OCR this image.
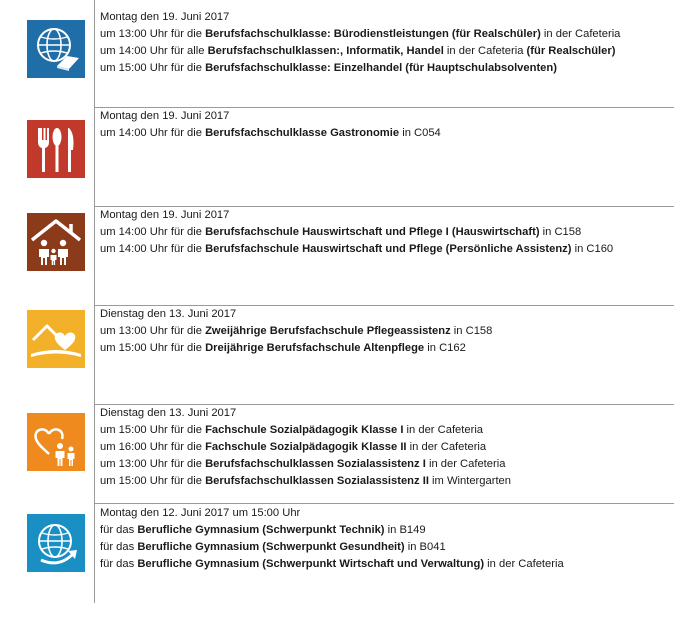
Montag den 19. Juni 2017
um 13:00 Uhr für die Berufsfachschulklasse: Bürodienstleistungen (für Realschüler) in der Cafeteria
um 14:00 Uhr für alle Berufsfachschulklassen:, Informatik, Handel in der Cafeteria (für Realschüler)
um 15:00 Uhr für die Berufsfachschulklasse: Einzelhandel (für Hauptschulabsolventen)
Montag den 19. Juni 2017
um 14:00 Uhr für die Berufsfachschulklasse Gastronomie in C054
Montag den 19. Juni 2017
um 14:00 Uhr für die Berufsfachschule Hauswirtschaft und Pflege I (Hauswirtschaft) in C158
um 14:00 Uhr für die Berufsfachschule Hauswirtschaft und Pflege (Persönliche Assistenz) in C160
Dienstag den 13. Juni 2017
um 13:00 Uhr für die Zweijährige Berufsfachschule Pflegeassistenz in C158
um 15:00 Uhr für die Dreijährige Berufsfachschule Altenpflege in C162
Dienstag den 13. Juni 2017
um 15:00 Uhr für die Fachschule Sozialpädagogik Klasse I in der Cafeteria
um 16:00 Uhr für die Fachschule Sozialpädagogik Klasse II in der Cafeteria
um 13:00 Uhr für die Berufsfachschulklassen Sozialassistenz I in der Cafeteria
um 15:00 Uhr für die Berufsfachschulklassen Sozialassistenz II im Wintergarten
Montag den 12. Juni 2017 um 15:00 Uhr
für das Berufliche Gymnasium (Schwerpunkt Technik) in B149
für das Berufliche Gymnasium (Schwerpunkt Gesundheit) in B041
für das Berufliche Gymnasium (Schwerpunkt Wirtschaft und Verwaltung) in der Cafeteria
